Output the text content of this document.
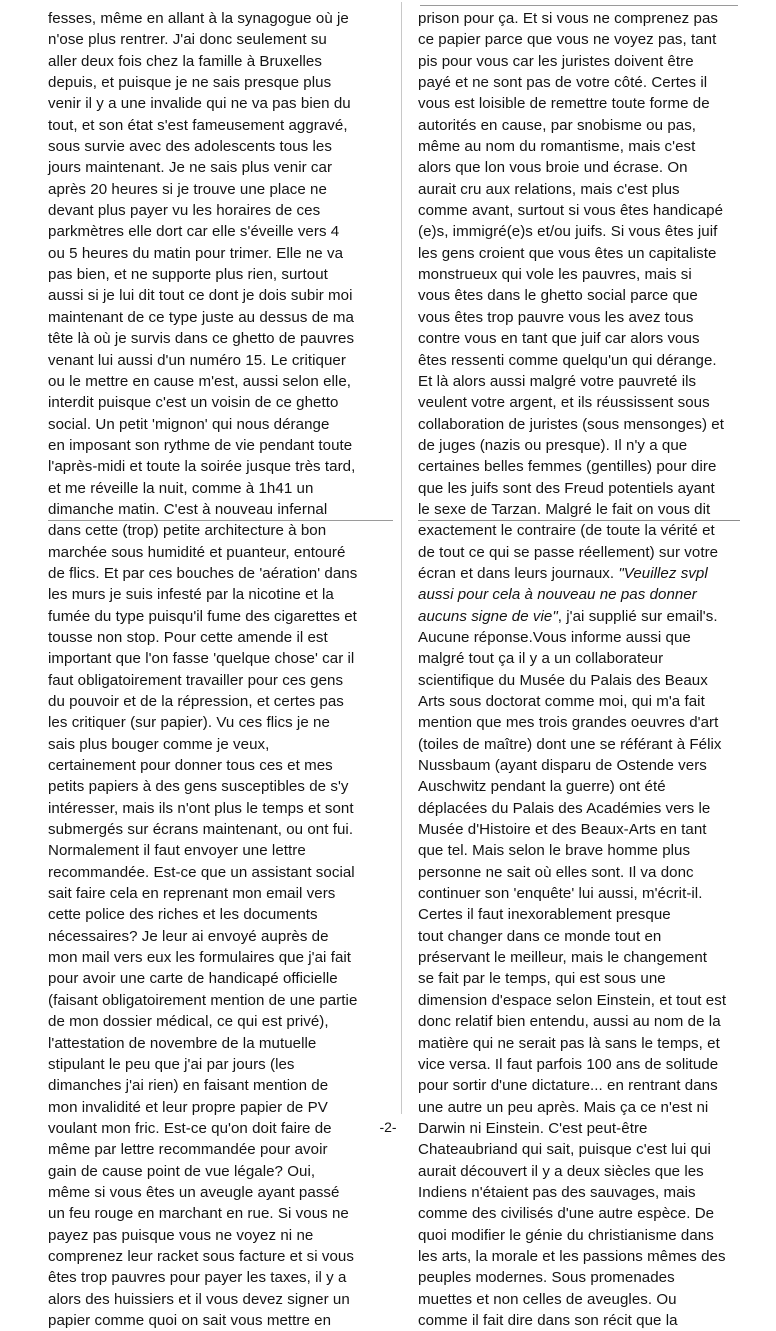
fesses, même en allant à la synagogue où je
n'ose plus rentrer. J'ai donc seulement su
aller deux fois chez la famille à Bruxelles
depuis, et puisque je ne sais presque plus
venir il y a une invalide qui ne va pas bien du
tout, et son état s'est fameusement aggravé,
sous survie avec des adolescents tous les
jours maintenant. Je ne sais plus venir car
après 20 heures si je trouve une place ne
devant plus payer vu les horaires de ces
parkmètres elle dort car elle s'éveille vers 4
ou 5 heures du matin pour trimer. Elle ne va
pas bien, et ne supporte plus rien, surtout
aussi si je lui dit tout ce dont je dois subir moi
maintenant de ce type juste au dessus de ma
tête là où je survis dans ce ghetto de pauvres
venant lui aussi d'un numéro 15. Le critiquer
ou le mettre en cause m'est, aussi selon elle,
interdit puisque c'est un voisin de ce ghetto
social. Un petit 'mignon' qui nous dérange
en imposant son rythme de vie pendant toute
l'après-midi et toute la soirée jusque très tard,
et me réveille la nuit, comme à 1h41 un
dimanche matin. C'est à nouveau infernal
dans cette (trop) petite architecture à bon
marchée sous humidité et puanteur, entouré
de flics. Et par ces bouches de 'aération' dans
les murs je suis infesté par la nicotine et la
fumée du type puisqu'il fume des cigarettes et
tousse non stop. Pour cette amende il est
important que l'on fasse 'quelque chose' car il
faut obligatoirement travailler pour ces gens
du pouvoir et de la répression, et certes pas
les critiquer (sur papier). Vu ces flics je ne
sais plus bouger comme je veux,
certainement pour donner tous ces et mes
petits papiers à des gens susceptibles de s'y
intéresser, mais ils n'ont plus le temps et sont
submergés sur écrans maintenant, ou ont fui.
Normalement il faut envoyer une lettre
recommandée. Est-ce que un assistant social
sait faire cela en reprenant mon email vers
cette police des riches et les documents
nécessaires? Je leur ai envoyé auprès de
mon mail vers eux les formulaires que j'ai fait
pour avoir une carte de handicapé officielle
(faisant obligatoirement mention de une partie
de mon dossier médical, ce qui est privé),
l'attestation de novembre de la mutuelle
stipulant le peu que j'ai par jours (les
dimanches j'ai rien) en faisant mention de
mon invalidité et leur propre papier de PV
voulant mon fric. Est-ce qu'on doit faire de
même par lettre recommandée pour avoir
gain de cause point de vue légale? Oui,
même si vous êtes un aveugle ayant passé
un feu rouge en marchant en rue. Si vous ne
payez pas puisque vous ne voyez ni ne
comprenez leur racket sous facture et si vous
êtes trop pauvres pour payer les taxes, il y a
alors des huissiers et il vous devez signer un
papier comme quoi on sait vous mettre en
prison pour ça. Et si vous ne comprenez pas
ce papier parce que vous ne voyez pas, tant
pis pour vous car les juristes doivent être
payé et ne sont pas de votre côté. Certes il
vous est loisible de remettre toute forme de
autorités en cause, par snobisme ou pas,
même au nom du romantisme, mais c'est
alors que lon vous broie und écrase. On
aurait cru aux relations, mais c'est plus
comme avant, surtout si vous êtes handicapé
(e)s, immigré(e)s et/ou juifs. Si vous êtes juif
les gens croient que vous êtes un capitaliste
monstrueux qui vole les pauvres, mais si
vous êtes dans le ghetto social parce que
vous êtes trop pauvre vous les avez tous
contre vous en tant que juif car alors vous
êtes ressenti comme quelqu'un qui dérange.
Et là alors aussi malgré votre pauvreté ils
veulent votre argent, et ils réussissent sous
collaboration de juristes (sous mensonges) et
de juges (nazis ou presque). Il n'y a que
certaines belles femmes (gentilles) pour dire
que les juifs sont des Freud potentiels ayant
le sexe de Tarzan. Malgré le fait on vous dit
exactement le contraire (de toute la vérité et
de tout ce qui se passe réellement) sur votre
écran et dans leurs journaux. "Veuillez svpl
aussi pour cela à nouveau ne pas donner
aucuns signe de vie", j'ai supplié sur email's.
Aucune réponse.Vous informe aussi que
malgré tout ça il y a un collaborateur
scientifique du Musée du Palais des Beaux
Arts sous doctorat comme moi, qui m'a fait
mention que mes trois grandes oeuvres d'art
(toiles de maître) dont une se référant à Félix
Nussbaum (ayant disparu de Ostende vers
Auschwitz pendant la guerre) ont été
déplacées du Palais des Académies vers le
Musée d'Histoire et des Beaux-Arts en tant
que tel. Mais selon le brave homme plus
personne ne sait où elles sont. Il va donc
continuer son 'enquête' lui aussi, m'écrit-il.
Certes il faut inexorablement presque
tout changer dans ce monde tout en
préservant le meilleur, mais le changement
se fait par le temps, qui est sous une
dimension d'espace selon Einstein, et tout est
donc relatif bien entendu, aussi au nom de la
matière qui ne serait pas là sans le temps, et
vice versa. Il faut parfois 100 ans de solitude
pour sortir d'une dictature... en rentrant dans
une autre un peu après. Mais ça ce n'est ni
Darwin ni Einstein. C'est peut-être
Chateaubriand qui sait, puisque c'est lui qui
aurait découvert il y a deux siècles que les
Indiens n'étaient pas des sauvages, mais
comme des civilisés d'une autre espèce. De
quoi modifier le génie du christianisme dans
les arts, la morale et les passions mêmes des
peuples modernes. Sous promenades
muettes et non celles de aveugles. Ou
comme il fait dire dans son récit que la
-2-
